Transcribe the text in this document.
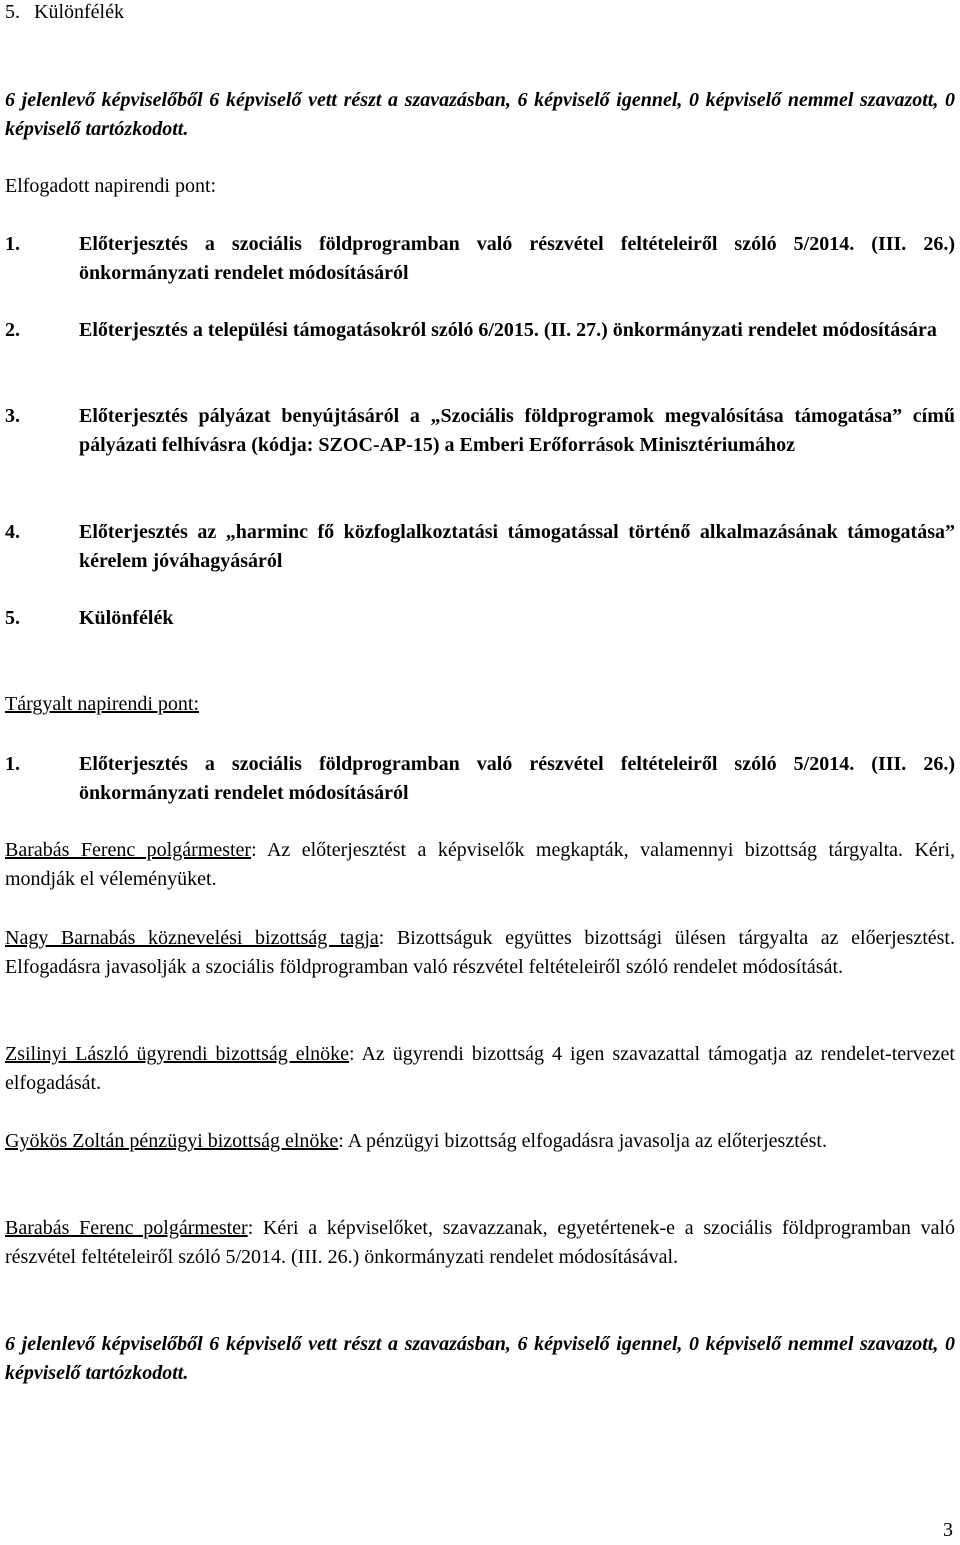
5. Különfélék
6 jelenlevő képviselőből 6 képviselő vett részt a szavazásban, 6 képviselő igennel, 0 képviselő nemmel szavazott, 0 képviselő tartózkodott.
Elfogadott napirendi pont:
1.	Előterjesztés a szociális földprogramban való részvétel feltételeiről szóló 5/2014. (III. 26.) önkormányzati rendelet módosításáról
2.	Előterjesztés a települési támogatásokról szóló 6/2015. (II. 27.) önkormányzati rendelet módosítására
3.	Előterjesztés pályázat benyújtásáról a „Szociális földprogramok megvalósítása támogatása” című pályázati felhívásra (kódja: SZOC-AP-15) a Emberi Erőforrások Minisztériumához
4.	Előterjesztés az „harminc fő közfoglalkoztatási támogatással történő alkalmazásának támogatása” kérelem jóváhagyásáról
5.	Különfélék
Tárgyalt napirendi pont:
1.	Előterjesztés a szociális földprogramban való részvétel feltételeiről szóló 5/2014. (III. 26.) önkormányzati rendelet módosításáról
Barabás Ferenc polgármester: Az előterjesztést a képviselők megkapták, valamennyi bizottság tárgyalta. Kéri, mondják el véleményüket.
Nagy Barnabás köznevelési bizottság tagja: Bizottságuk együttes bizottsági ülésen tárgyalta az előerjesztést. Elfogadásra javasolják a szociális földprogramban való részvétel feltételeiről szóló rendelet módosítását.
Zsilinyi László ügyrendi bizottság elnöke: Az ügyrendi bizottság 4 igen szavazattal támogatja az rendelet-tervezet elfogadását.
Gyökös Zoltán pénzügyi bizottság elnöke: A pénzügyi bizottság elfogadásra javasolja az előterjesztést.
Barabás Ferenc polgármester: Kéri a képviselőket, szavazzanak, egyetértenek-e a szociális földprogramban való részvétel feltételeiről szóló 5/2014. (III. 26.) önkormányzati rendelet módosításával.
6 jelenlevő képviselőből 6 képviselő vett részt a szavazásban, 6 képviselő igennel, 0 képviselő nemmel szavazott, 0 képviselő tartózkodott.
3
